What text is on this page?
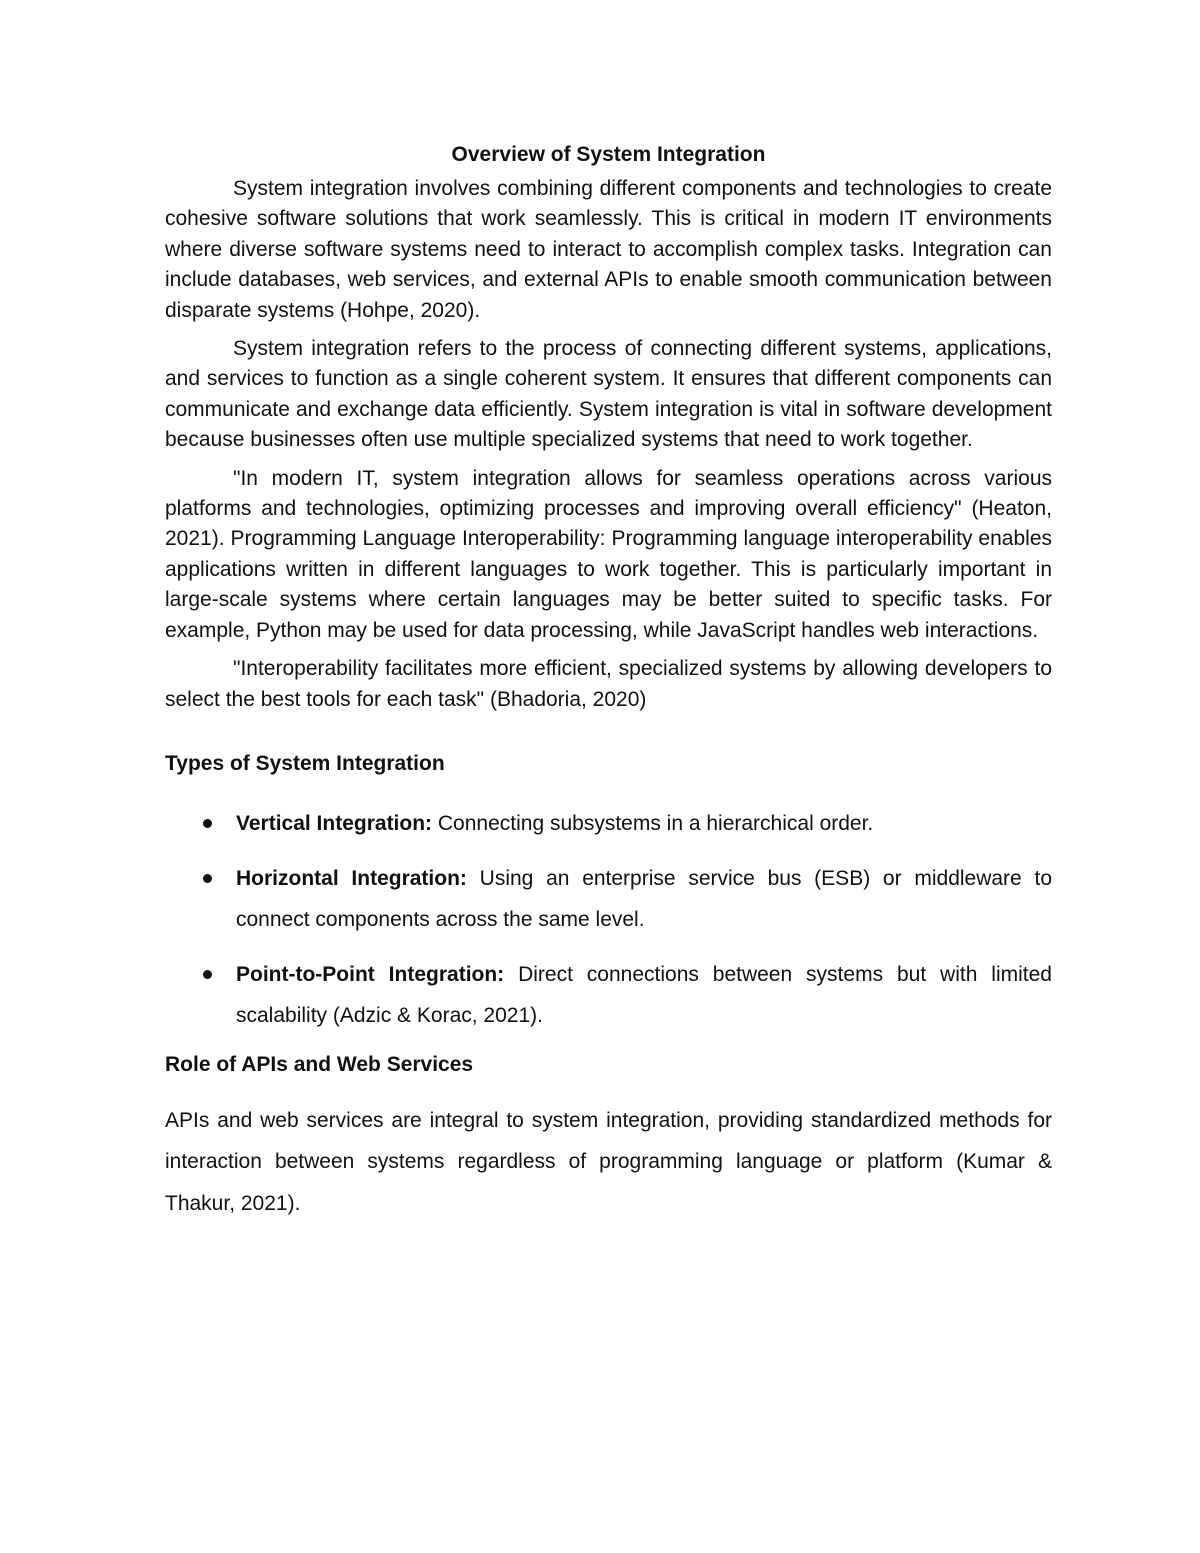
Overview of System Integration

System integration involves combining different components and technologies to create cohesive software solutions that work seamlessly. This is critical in modern IT environments where diverse software systems need to interact to accomplish complex tasks. Integration can include databases, web services, and external APIs to enable smooth communication between disparate systems (Hohpe, 2020).

System integration refers to the process of connecting different systems, applications, and services to function as a single coherent system. It ensures that different components can communicate and exchange data efficiently. System integration is vital in software development because businesses often use multiple specialized systems that need to work together.

"In modern IT, system integration allows for seamless operations across various platforms and technologies, optimizing processes and improving overall efficiency" (Heaton, 2021). Programming Language Interoperability: Programming language interoperability enables applications written in different languages to work together. This is particularly important in large-scale systems where certain languages may be better suited to specific tasks. For example, Python may be used for data processing, while JavaScript handles web interactions.

"Interoperability facilitates more efficient, specialized systems by allowing developers to select the best tools for each task" (Bhadoria, 2020)

Types of System Integration
Vertical Integration: Connecting subsystems in a hierarchical order.
Horizontal Integration: Using an enterprise service bus (ESB) or middleware to connect components across the same level.
Point-to-Point Integration: Direct connections between systems but with limited scalability (Adzic & Korac, 2021).
Role of APIs and Web Services

APIs and web services are integral to system integration, providing standardized methods for interaction between systems regardless of programming language or platform (Kumar & Thakur, 2021).
